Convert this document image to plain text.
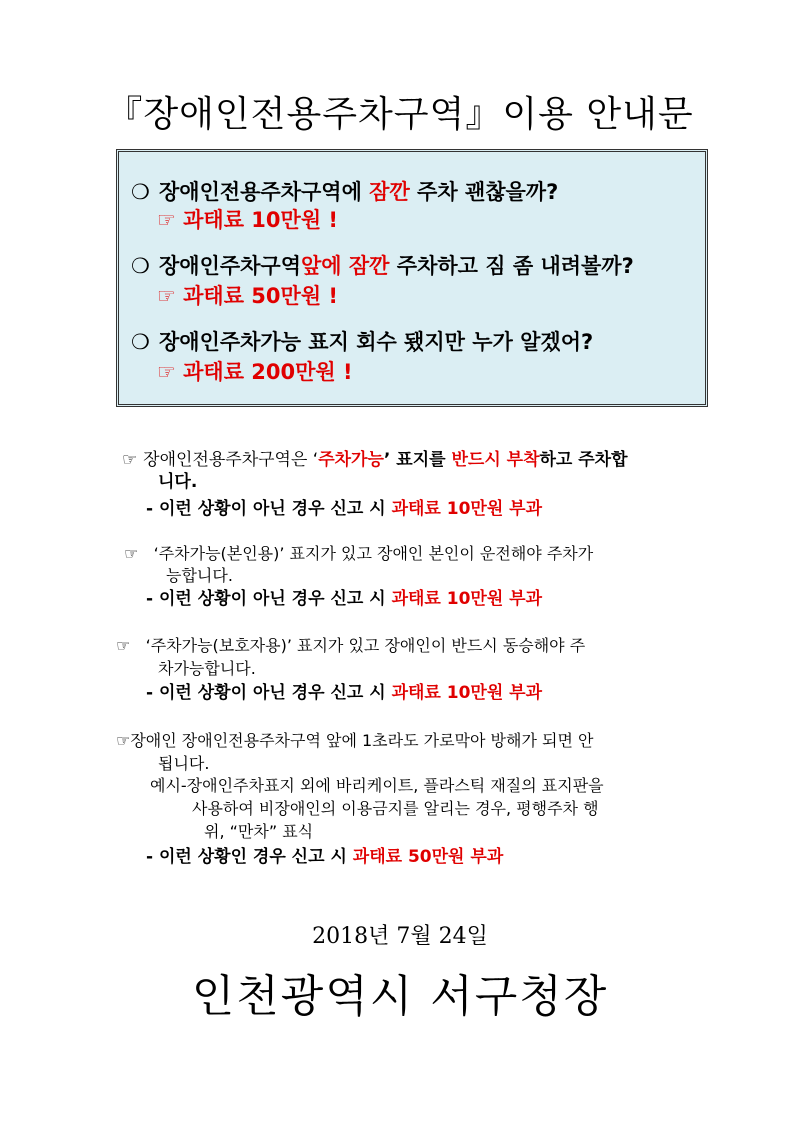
『장애인전용주차구역』이용 안내문
❍ 장애인전용주차구역에 잠깐 주차 괜찮을까?
☞ 과태료 10만원 !
❍ 장애인주차구역앞에 잠깐 주차하고 짐 좀 내려볼까?
☞ 과태료 50만원 !
❍ 장애인주차가능 표지 회수 됐지만 누가 알겠어?
☞ 과태료 200만원 !
☞ 장애인전용주차구역은 ‘주차가능’ 표지를 반드시 부착하고 주차합
니다.
- 이런 상황이 아닌 경우 신고 시 과태료 10만원 부과
☞ ‘주차가능(본인용)’ 표지가 있고 장애인 본인이 운전해야 주차가
능합니다.
- 이런 상황이 아닌 경우 신고 시 과태료 10만원 부과
☞ ‘주차가능(보호자용)’ 표지가 있고 장애인이 반드시 동승해야 주
차가능합니다.
- 이런 상황이 아닌 경우 신고 시 과태료 10만원 부과
☞장애인 장애인전용주차구역 앞에 1초라도 가로막아 방해가 되면 안
됩니다.
예시-장애인주차표지 외에 바리케이트, 플라스틱 재질의 표지판을
사용하여 비장애인의 이용금지를 알리는 경우, 평행주차 행
위, “만차” 표식
- 이런 상황인 경우 신고 시 과태료 50만원 부과
2018년 7월 24일
인천광역시 서구청장
